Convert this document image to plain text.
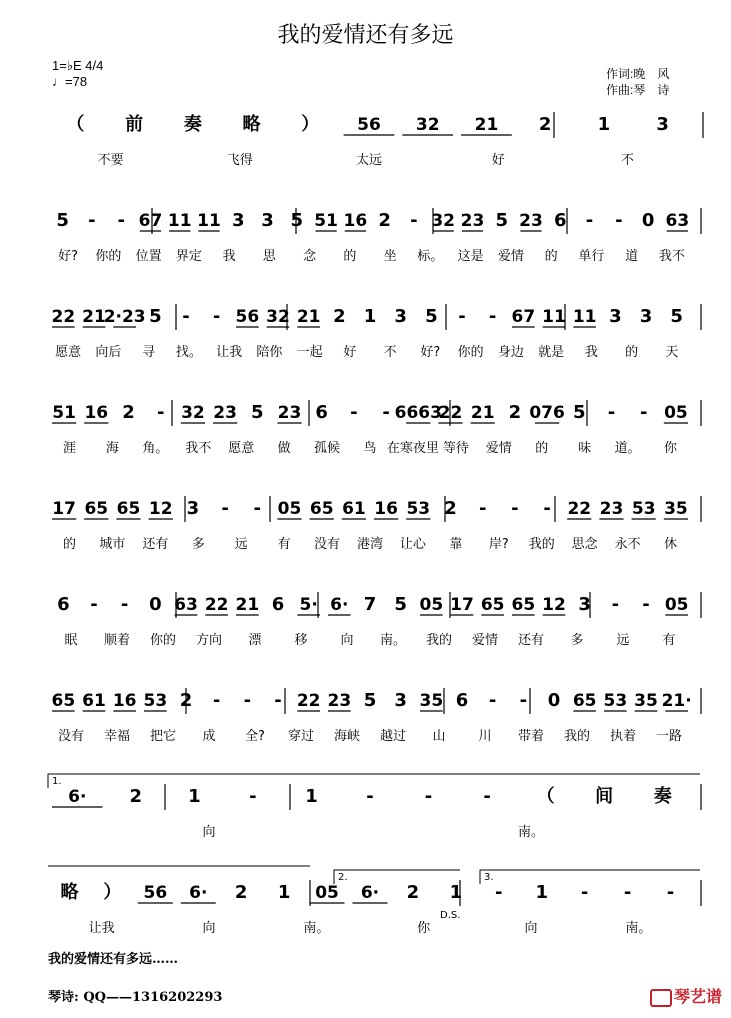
我的爱情还有多远
1=♭E 4/4
♩=78	作词:晚　风
作曲:琴　诗
（ 前 奏 略 ） 56 32 21 2	1	3
不要	飞得	太远	好	不
5 - - 67 11 11 3 3 5 51 16 2 - 32 23 5 23 6 - - 0 63
好? 你的 位置 界定 我 思 念 的 坐 标。 这是 爱情 的 单行 道 我不
22 21
2·23 5 - - 56 32 21 2 1 3 5 - - 67 11 11 3 3 5
愿意 向后 寻 找。 让我 陪你 一起 好 不 好? 你的 身边 就是 我 的 天
51 16 2 - 32 23 5 23 6 - - 6663
22 21 2 076 5 - - 05
涯 海 角。 我不 愿意 做 孤候 鸟 在寒夜里 等待 爱情 的 味 道。 你
17 65 65 12 3 - - 05 65 61 16 53 2 - - - 22 23 53 35
的 城市 还有 多 远 有 没有 港湾 让心 靠 岸? 我的 思念 永不 休
6 - - 0 63 22 21 6 5· 6· 7 5 05 17 65 65 12 3 - - 05
眠 顺着 你的 方向 漂	移	向 南。 我的 爱情 还有 多	远	有
65 61 16 53 2 - - - 22 23 5 3 35 6 - - 0 65 53 35 21·
没有 幸福 把它 成 全? 穿过 海峡 越过 山	川 带着 我的 执着 一路
6· 2	1	-	1	-	-	-	（ 间 奏
向	南。
1.
略 ） 56 6· 2 1 05 6· 2 1 - 1 - - -
让我	向	南。	你	向	南。
2.	3.
D.S.
我的爱情还有多远……
琴诗: QQ——1316202293	琴艺谱
